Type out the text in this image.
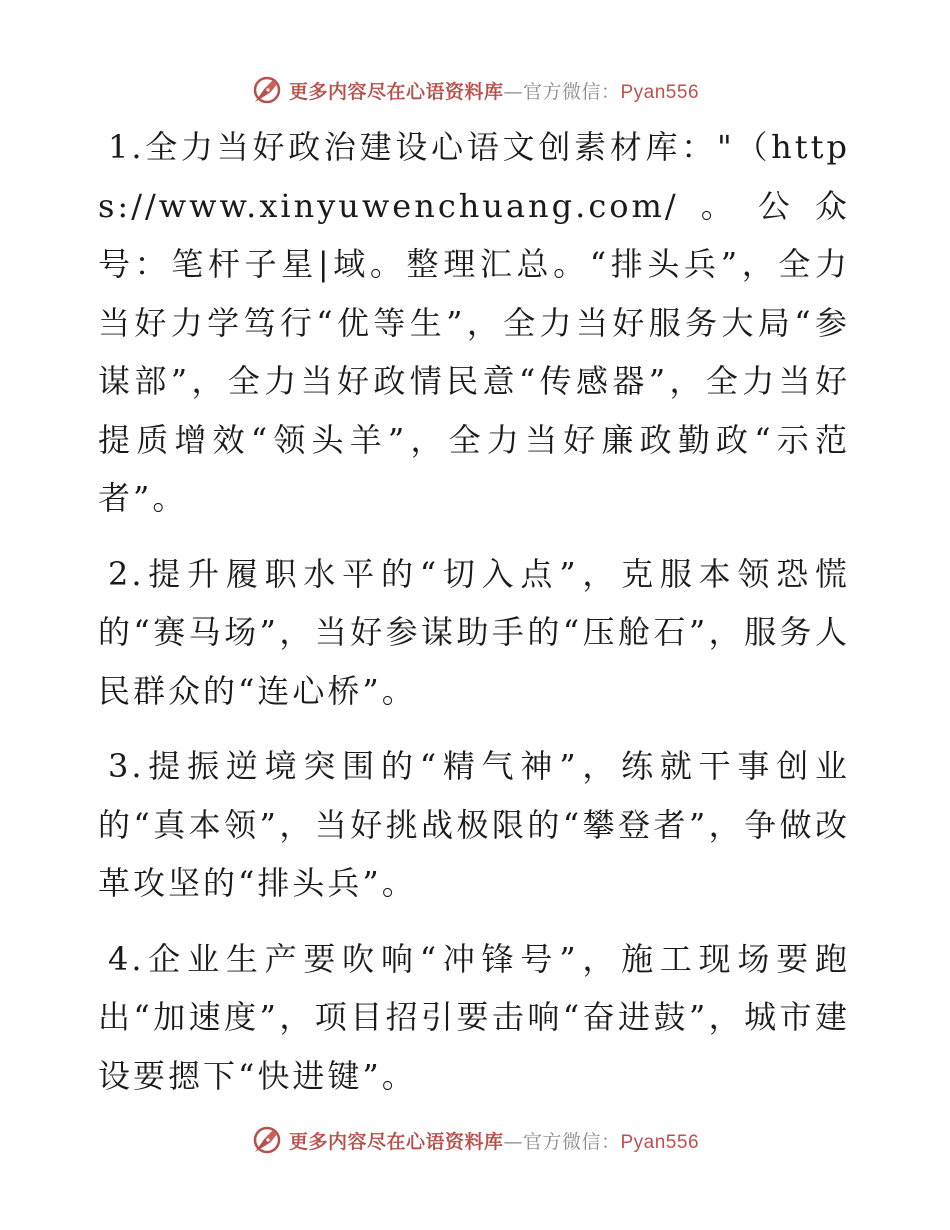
更多内容尽在心语资料库—官方微信：Pyan556

1.全力当好政治建设心语文创素材库："（https://www.xinyuwenchuang.com/。公众号：笔杆子星|域。整理汇总。“排头兵”，全力当好力学笃行“优等生”，全力当好服务大局“参谋部”，全力当好政情民意“传感器”，全力当好提质增效“领头羊”，全力当好廉政勤政“示范者”。

2.提升履职水平的“切入点”，克服本领恐慌的“赛马场”，当好参谋助手的“压舱石”，服务人民群众的“连心桥”。

3.提振逆境突围的“精气神”，练就干事创业的“真本领”，当好挑战极限的“攀登者”，争做改革攻坚的“排头兵”。

4.企业生产要吹响“冲锋号”，施工现场要跑出“加速度”，项目招引要击响“奋进鼓”，城市建设要摁下“快进键”。

更多内容尽在心语资料库—官方微信：Pyan556
